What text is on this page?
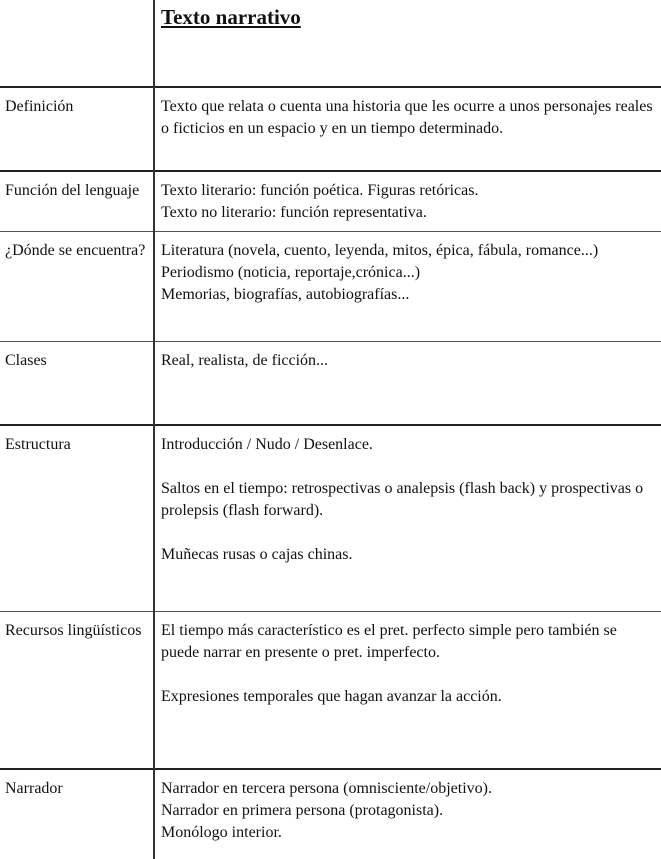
	Texto narrativo
Definición	Texto que relata o cuenta una historia que les ocurre a unos personajes reales o ficticios en un espacio y en un tiempo determinado.

Función del lenguaje	Texto literario: función poética. Figuras retóricas.
Texto no literario: función representativa.

¿Dónde se encuentra?	Literatura (novela, cuento, leyenda, mitos, épica, fábula, romance...)
Periodismo (noticia, reportaje,crónica...)
Memorias, biografías, autobiografías...

Clases	Real, realista, de ficción...

Estructura	Introducción / Nudo / Desenlace.
Saltos en el tiempo: retrospectivas o analepsis (flash back) y prospectivas o prolepsis (flash forward).
Muñecas rusas o cajas chinas.

Recursos lingüísticos	El tiempo más característico es el pret. perfecto simple pero también se puede narrar en presente o pret. imperfecto.
Expresiones temporales que hagan avanzar la acción.

Narrador	Narrador en tercera persona (omnisciente/objetivo).
Narrador en primera persona (protagonista).
Monólogo interior.
